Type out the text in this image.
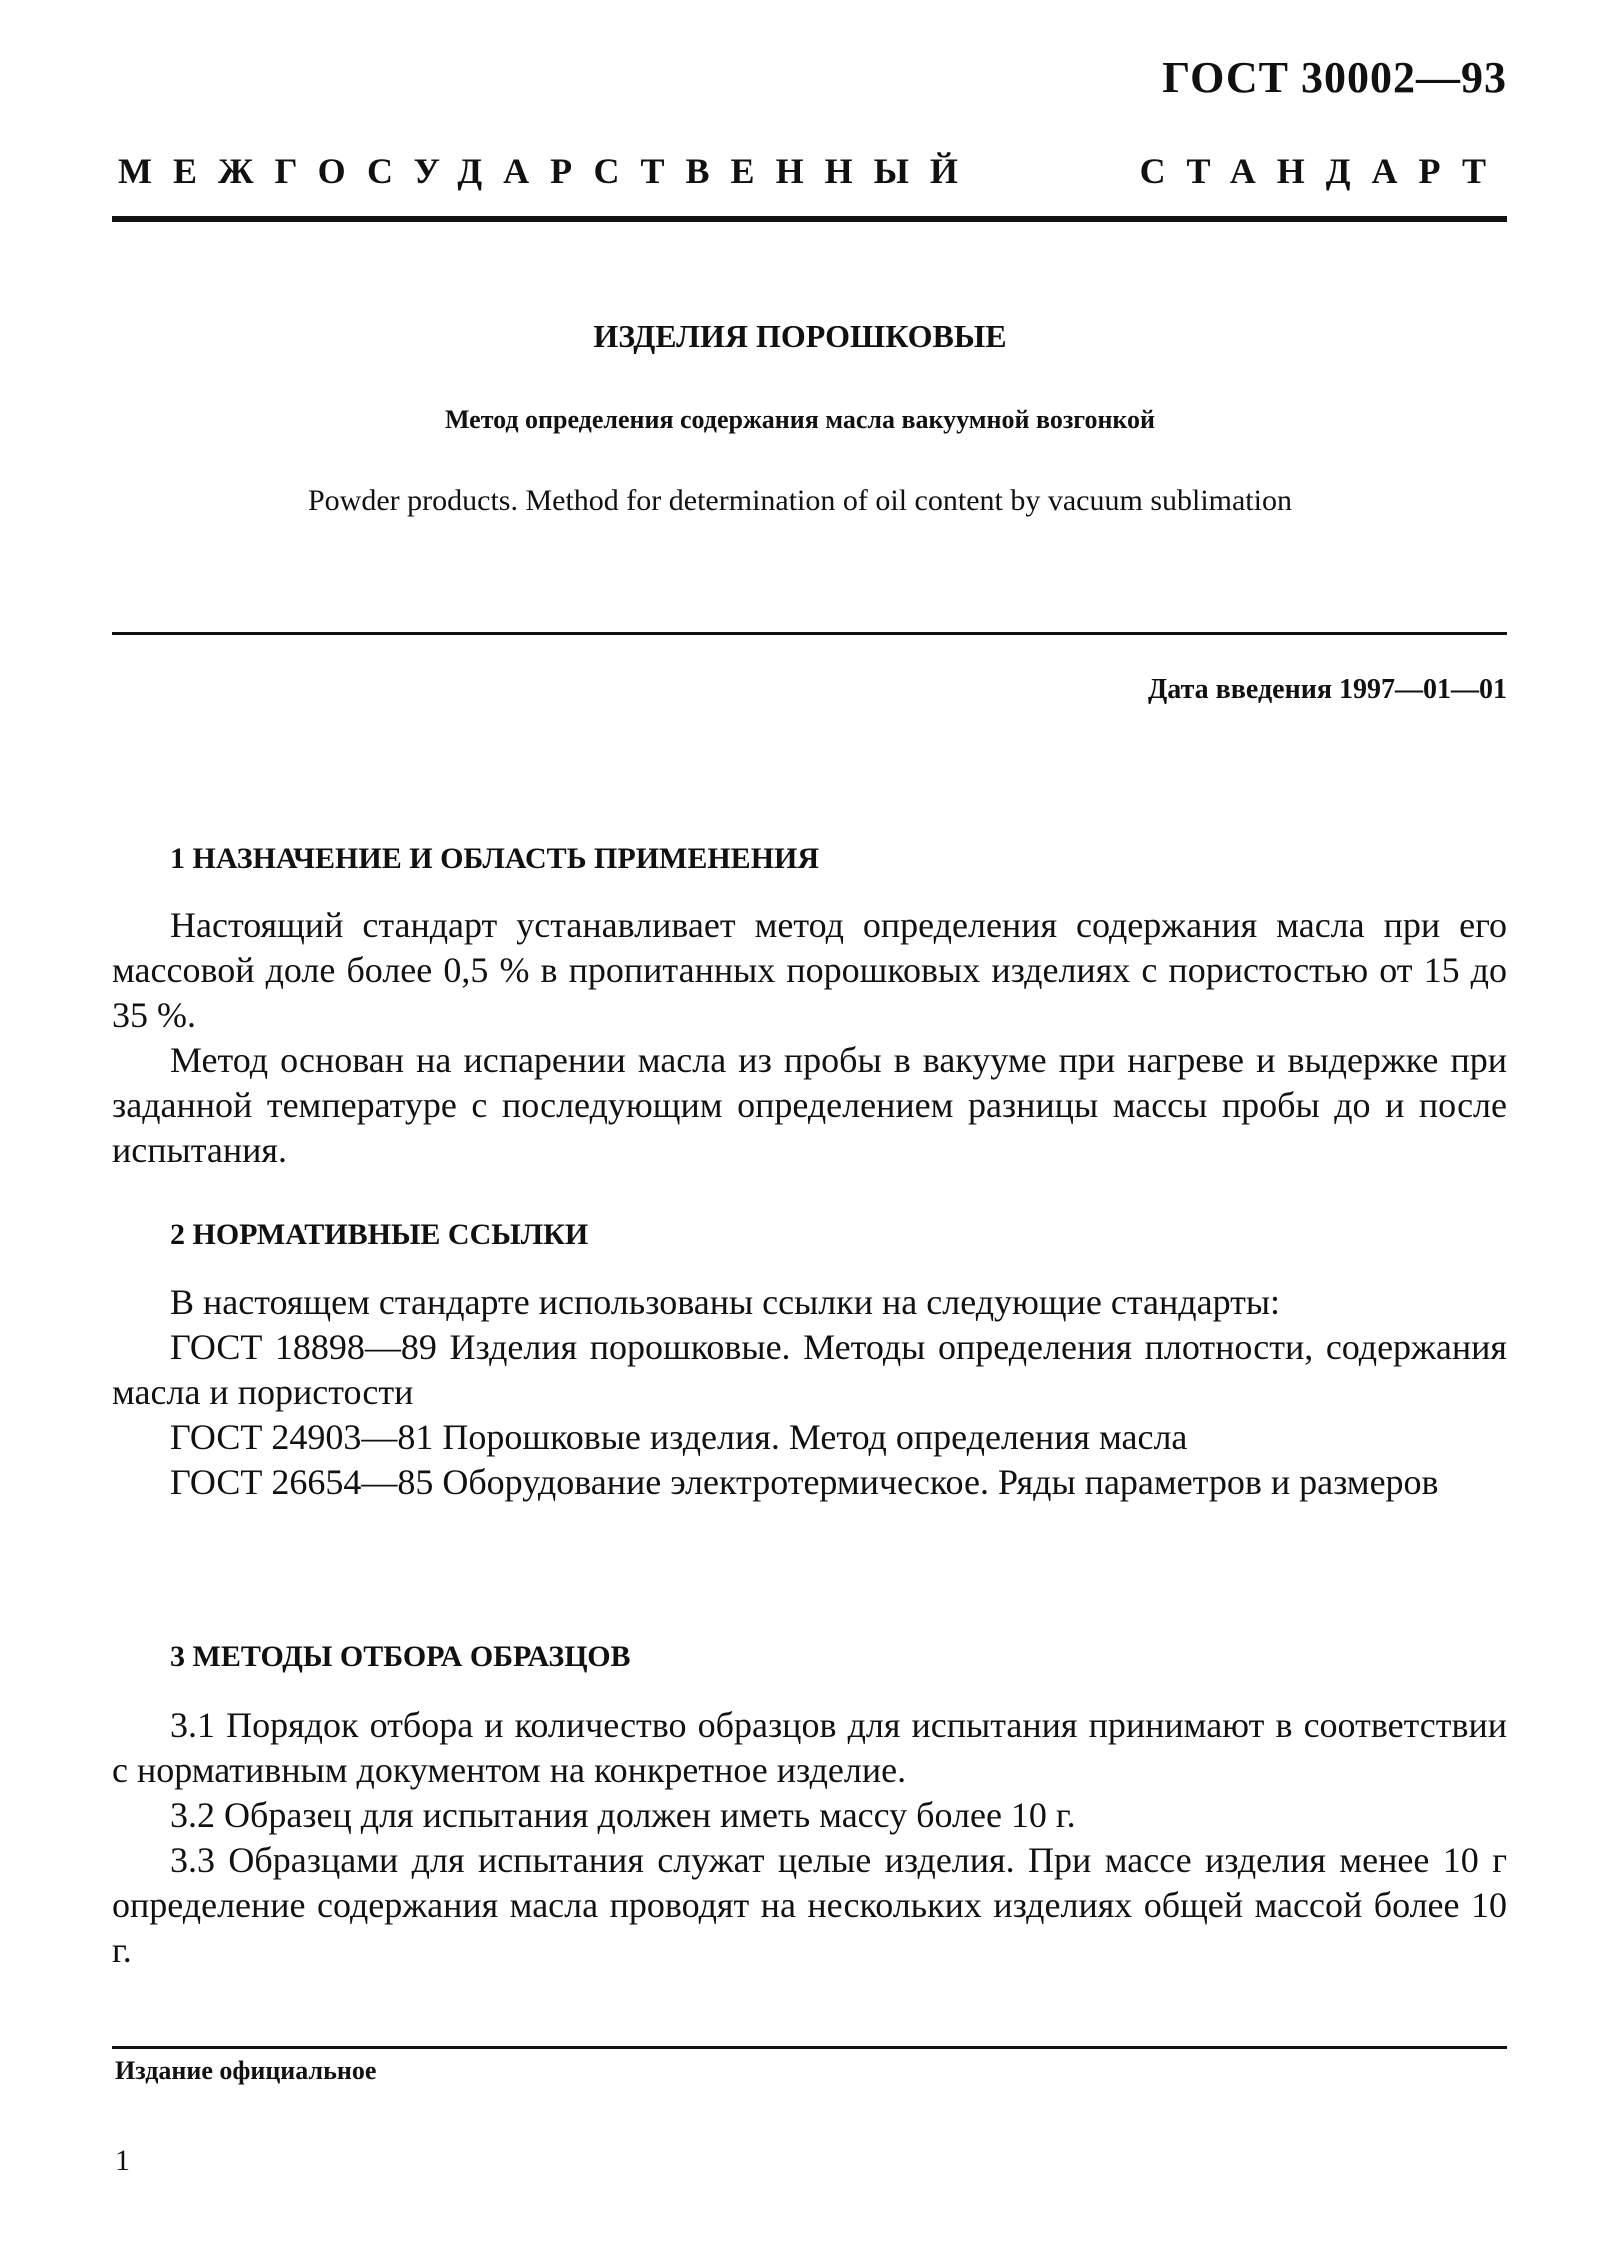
ГОСТ 30002—93
МЕЖГОСУДАРСТВЕННЫЙ	СТАНДАРТ
ИЗДЕЛИЯ ПОРОШКОВЫЕ
Метод определения содержания масла вакуумной возгонкой
Powder products. Method for determination of oil content by vacuum sublimation
Дата введения 1997—01—01
1 НАЗНАЧЕНИЕ И ОБЛАСТЬ ПРИМЕНЕНИЯ

Настоящий стандарт устанавливает метод определения содержания масла при его массовой доле более 0,5 % в пропитанных порошковых изделиях с пористостью от 15 до 35 %.

Метод основан на испарении масла из пробы в вакууме при нагреве и выдержке при заданной температуре с последующим определением разницы массы пробы до и после испытания.

2 НОРМАТИВНЫЕ ССЫЛКИ

В настоящем стандарте использованы ссылки на следующие стандарты:

ГОСТ 18898—89 Изделия порошковые. Методы определения плотности, содержания масла и пористости

ГОСТ 24903—81 Порошковые изделия. Метод определения масла

ГОСТ 26654—85 Оборудование электротермическое. Ряды параметров и размеров

3 МЕТОДЫ ОТБОРА ОБРАЗЦОВ

3.1 Порядок отбора и количество образцов для испытания принимают в соответствии с нормативным документом на конкретное изделие.

3.2 Образец для испытания должен иметь массу более 10 г.

3.3 Образцами для испытания служат целые изделия. При массе изделия менее 10 г определение содержания масла проводят на нескольких изделиях общей массой более 10 г.

Издание официальное
1
